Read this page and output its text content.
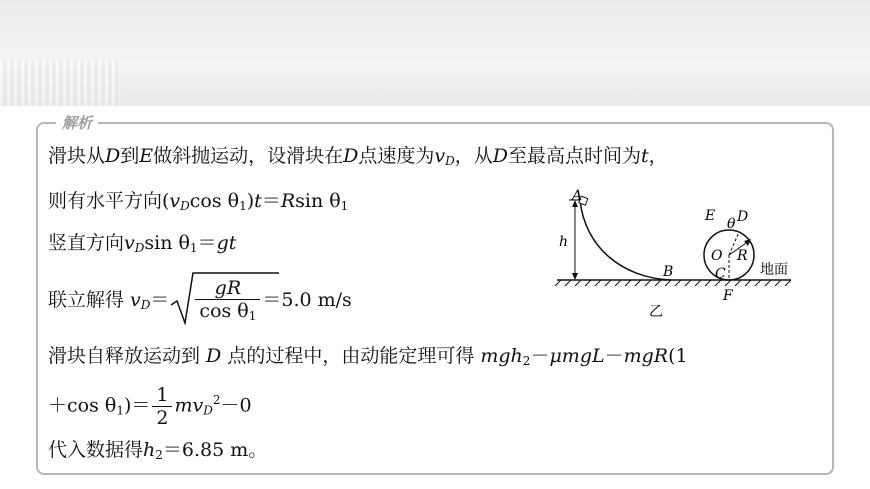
解析
滑块从D到E做斜抛运动，设滑块在D点速度为$v_D$，从D至最高点时间为t，
则有水平方向($v_D\cos$ $\theta_1)t=Rsin$ $\theta_1$
竖直方向$v_D\sin$ $\theta_1=gt$
联立解得 $v_D= \frac{gR}{\cos \theta_1} =5.0$ m/s
滑块自释放运动到 D 点的过程中，由动能定理可得 mgh$_2$－μmgL－mgR(1
＋cos $\theta_1)= \frac{1}{2} mv_D^2-0$
代入数据得$h_2=6.85$ m。
A
h
B
E θ D
O R
C
F
地面
乙
